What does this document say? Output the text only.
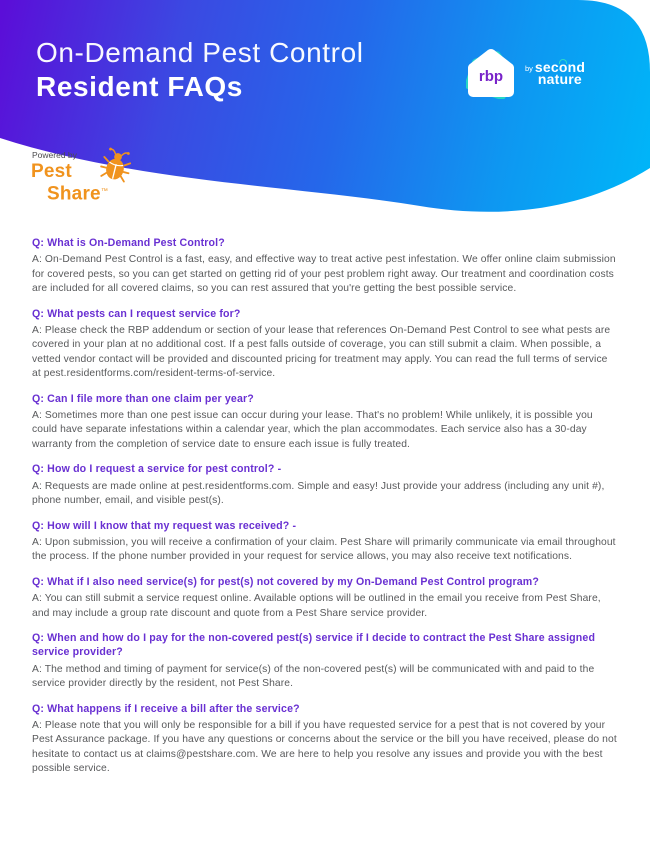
On-Demand Pest Control
Resident FAQs	rbp	by second
nature
Powered by
Pest
Share™
Q: What is On-Demand Pest Control?

A: On-Demand Pest Control is a fast, easy, and effective way to treat active pest infestation. We offer online claim submission for covered pests, so you can get started on getting rid of your pest problem right away. Our treatment and coordination costs are included for all covered claims, so you can rest assured that you're getting the best possible service.

Q: What pests can I request service for?

A: Please check the RBP addendum or section of your lease that references On-Demand Pest Control to see what pests are covered in your plan at no additional cost. If a pest falls outside of coverage, you can still submit a claim. When possible, a vetted vendor contact will be provided and discounted pricing for treatment may apply. You can read the full terms of service at pest.residentforms.com/resident-terms-of-service.

Q: Can I file more than one claim per year?

A: Sometimes more than one pest issue can occur during your lease. That's no problem! While unlikely, it is possible you could have separate infestations within a calendar year, which the plan accommodates. Each service also has a 30-day warranty from the completion of service date to ensure each issue is fully treated.

Q: How do I request a service for pest control? -

A: Requests are made online at pest.residentforms.com. Simple and easy! Just provide your address (including any unit #), phone number, email, and visible pest(s).

Q: How will I know that my request was received? -

A: Upon submission, you will receive a confirmation of your claim. Pest Share will primarily communicate via email throughout the process. If the phone number provided in your request for service allows, you may also receive text notifications.

Q: What if I also need service(s) for pest(s) not covered by my On-Demand Pest Control program?

A: You can still submit a service request online. Available options will be outlined in the email you receive from Pest Share, and may include a group rate discount and quote from a Pest Share service provider.

Q: When and how do I pay for the non-covered pest(s) service if I decide to contract the Pest Share assigned service provider?

A: The method and timing of payment for service(s) of the non-covered pest(s) will be communicated with and paid to the service provider directly by the resident, not Pest Share.

Q: What happens if I receive a bill after the service?

A: Please note that you will only be responsible for a bill if you have requested service for a pest that is not covered by your Pest Assurance package. If you have any questions or concerns about the service or the bill you have received, please do not hesitate to contact us at claims@pestshare.com. We are here to help you resolve any issues and provide you with the best possible service.
